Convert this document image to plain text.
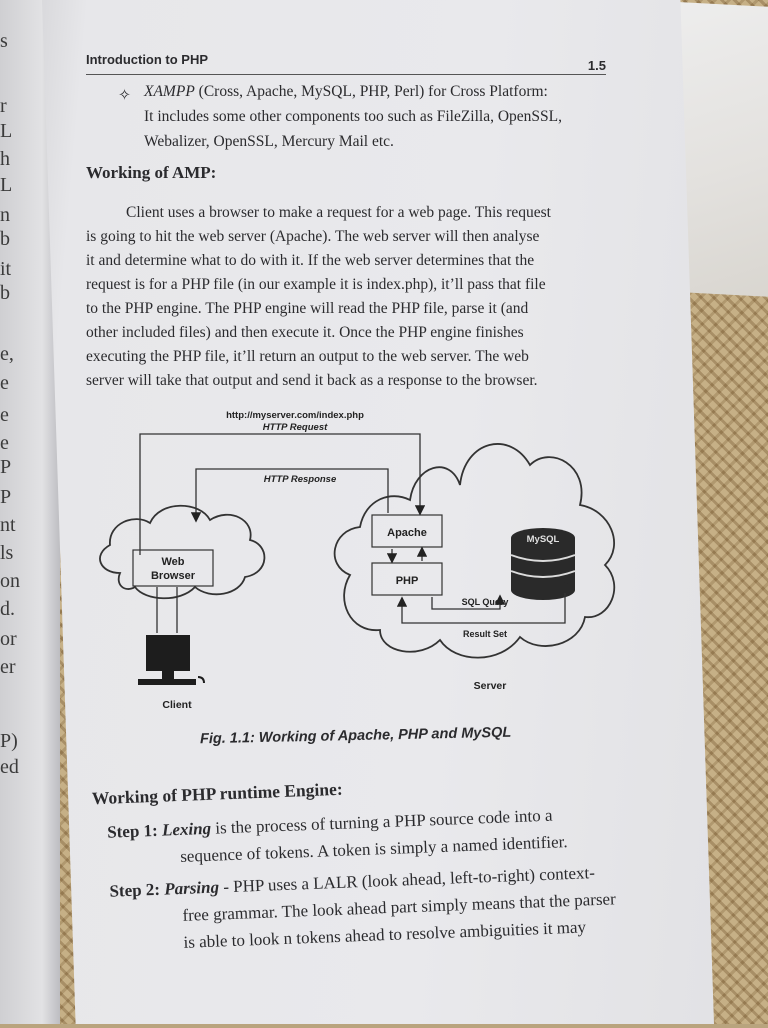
s
r
L
h
L
n
b
it
b
e,
e
e
e
P
P
nt
ls
on
d.
or
er
P)
ed
Introduction to PHP	1.5
✧ XAMPP (Cross, Apache, MySQL, PHP, Perl) for Cross Platform:
It includes some other components too such as FileZilla, OpenSSL,
Webalizer, OpenSSL, Mercury Mail etc.
Working of AMP:
Client uses a browser to make a request for a web page. This request
is going to hit the web server (Apache). The web server will then analyse
it and determine what to do with it. If the web server determines that the
request is for a PHP file (in our example it is index.php), it’ll pass that file
to the PHP engine. The PHP engine will read the PHP file, parse it (and
other included files) and then execute it. Once the PHP engine finishes
executing the PHP file, it’ll return an output to the web server. The web
server will take that output and send it back as a response to the browser.
http://myserver.com/index.php
HTTP Request
HTTP Response
Web
Browser
Apache
PHP
MySQL
SQL Query
Result Set
Server
Client
Fig. 1.1: Working of Apache, PHP and MySQL
Working of PHP runtime Engine:
Step 1: Lexing is the process of turning a PHP source code into a
sequence of tokens. A token is simply a named identifier.
Step 2: Parsing - PHP uses a LALR (look ahead, left-to-right) context-
free grammar. The look ahead part simply means that the parser
is able to look n tokens ahead to resolve ambiguities it may
